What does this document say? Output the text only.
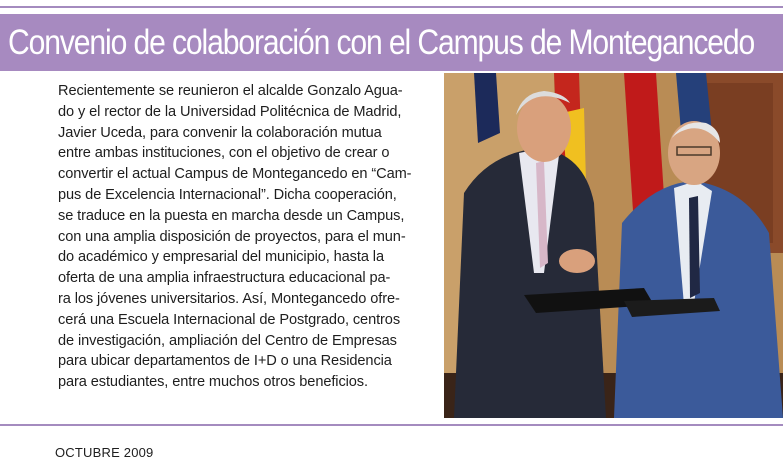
Convenio de colaboración con el Campus de Montegancedo

Recientemente se reunieron el alcalde Gonzalo Agua-
do y el rector de la Universidad Politécnica de Madrid,
Javier Uceda, para convenir la colaboración mutua
entre ambas instituciones, con el objetivo de crear o
convertir el actual Campus de Montegancedo en “Cam-
pus de Excelencia Internacional”. Dicha cooperación,
se traduce en la puesta en marcha desde un Campus,
con una amplia disposición de proyectos, para el mun-
do académico y empresarial del municipio, hasta la
oferta de una amplia infraestructura educacional pa-
ra los jóvenes universitarios. Así, Montegancedo ofre-
cerá una Escuela Internacional de Postgrado, centros
de investigación, ampliación del Centro de Empresas
para ubicar departamentos de I+D o una Residencia
para estudiantes, entre muchos otros beneficios.

OCTUBRE 2009
